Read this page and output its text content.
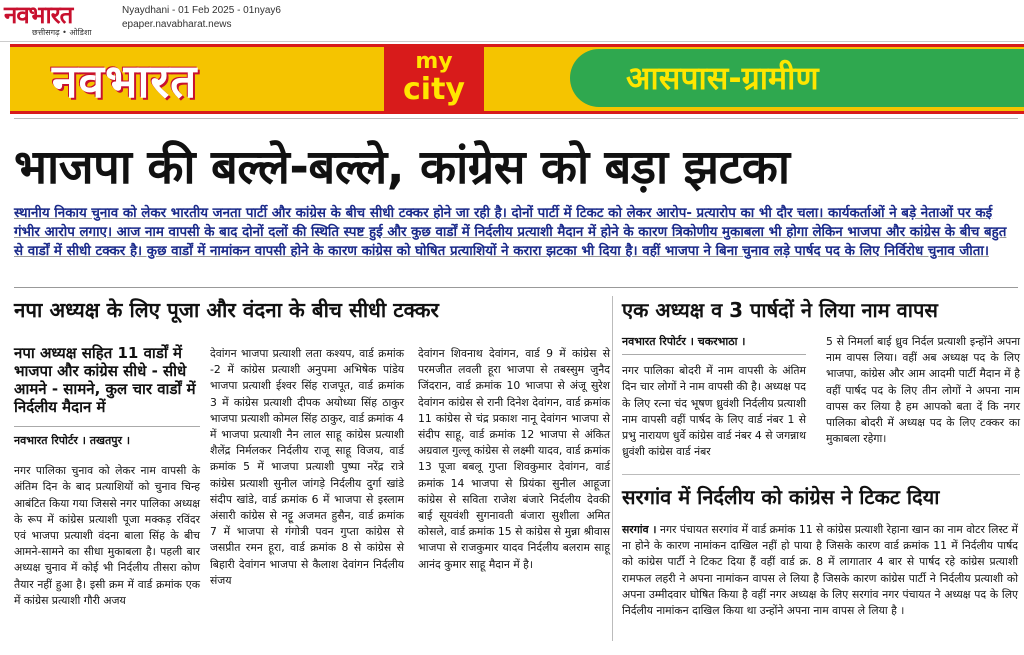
नवभारत
छत्तीसगढ़ • ओडिशा
Nyaydhani - 01 Feb 2025 - 01nyay6
epaper.navabharat.news
नवभारत	my
city	आसपास-ग्रामीण
भाजपा की बल्ले-बल्ले, कांग्रेस को बड़ा झटका
स्थानीय निकाय चुनाव को लेकर भारतीय जनता पार्टी और कांग्रेस के बीच सीधी टक्कर होने जा रही है। दोनों पार्टी में टिकट को लेकर आरोप- प्रत्यारोप का भी दौर चला। कार्यकर्ताओं ने बड़े नेताओं पर कई गंभीर आरोप लगाए। आज नाम वापसी के बाद दोनों दलों की स्थिति स्पष्ट हुई और कुछ वार्डों में निर्दलीय प्रत्याशी मैदान में होने के कारण त्रिकोणीय मुकाबला भी होगा लेकिन भाजपा और कांग्रेस के बीच बहुत से वार्डों में सीधी टक्कर है। कुछ वार्डों में नामांकन वापसी होने के कारण कांग्रेस को घोषित प्रत्याशियों ने करारा झटका भी दिया है। वहीं भाजपा ने बिना चुनाव लड़े पार्षद पद के लिए निर्विरोध चुनाव जीता।
नपा अध्यक्ष के लिए पूजा और वंदना के बीच सीधी टक्कर
नपा अध्यक्ष सहित 11 वार्डों में भाजपा और कांग्रेस सीधे - सीधे आमने - सामने, कुल चार वार्डों में निर्दलीय मैदान में
नवभारत रिपोर्टर । तखतपुर ।
नगर पालिका चुनाव को लेकर नाम वापसी के अंतिम दिन के बाद प्रत्याशियों को चुनाव चिन्ह आबंटित किया गया जिससे नगर पालिका अध्यक्ष के रूप में कांग्रेस प्रत्याशी पूजा मक्कड़ रविंदर एवं भाजपा प्रत्याशी वंदना बाला सिंह के बीच आमने-सामने का सीधा मुकाबला है। पहली बार अध्यक्ष चुनाव में कोई भी निर्दलीय तीसरा कोण तैयार नहीं हुआ है। इसी क्रम में वार्ड क्रमांक एक में कांग्रेस प्रत्याशी गौरी अजय
देवांगन भाजपा प्रत्याशी लता कश्यप, वार्ड क्रमांक -2 में कांग्रेस प्रत्याशी अनुपमा अभिषेक पांडेय भाजपा प्रत्याशी ईश्वर सिंह राजपूत, वार्ड क्रमांक 3 में कांग्रेस प्रत्याशी दीपक अयोध्या सिंह ठाकुर भाजपा प्रत्याशी कोमल सिंह ठाकुर, वार्ड क्रमांक 4 में भाजपा प्रत्याशी नैन लाल साहू कांग्रेस प्रत्याशी शैलेंद्र निर्मलकर निर्दलीय राजू साहू विजय, वार्ड क्रमांक 5 में भाजपा प्रत्याशी पुष्पा नरेंद्र रात्रे कांग्रेस प्रत्याशी सुनील जांगड़े निर्दलीय दुर्गा खांडे संदीप खांडे, वार्ड क्रमांक 6 में भाजपा से इस्लाम अंसारी कांग्रेस से नट्टू अजमत हुसैन, वार्ड क्रमांक 7 में भाजपा से गंगोत्री पवन गुप्ता कांग्रेस से जसप्रीत रमन हूरा, वार्ड क्रमांक 8 से कांग्रेस से बिहारी देवांगन भाजपा से कैलाश देवांगन निर्दलीय संजय
देवांगन शिवनाथ देवांगन, वार्ड 9 में कांग्रेस से परमजीत लवली हूरा भाजपा से तबस्सुम जुनैद जिंदरान, वार्ड क्रमांक 10 भाजपा से अंजू सुरेश देवांगन कांग्रेस से रानी दिनेश देवांगन, वार्ड क्रमांक 11 कांग्रेस से चंद्र प्रकाश नानू देवांगन भाजपा से संदीप साहू, वार्ड क्रमांक 12 भाजपा से अंकित अग्रवाल गुल्लू कांग्रेस से लक्ष्मी यादव, वार्ड क्रमांक 13 पूजा बबलू गुप्ता शिवकुमार देवांगन, वार्ड क्रमांक 14 भाजपा से प्रियंका सुनील आहूजा कांग्रेस से सविता राजेश बंजारे निर्दलीय देवकी बाई सूयवंशी सुगनावती बंजारा सुशीला अमित कोसले, वार्ड क्रमांक 15 से कांग्रेस से मुन्ना श्रीवास भाजपा से राजकुमार यादव निर्दलीय बलराम साहू आनंद कुमार साहू मैदान में है।
एक अध्यक्ष व 3 पार्षदों ने लिया नाम वापस
नवभारत रिपोर्टर । चकरभाठा ।
नगर पालिका बोदरी में नाम वापसी के अंतिम दिन चार लोगों ने नाम वापसी की है। अध्यक्ष पद के लिए रत्ना चंद भूषण ध्रुवंशी निर्दलीय प्रत्याशी नाम वापसी वहीं पार्षद के लिए वार्ड नंबर 1 से प्रभु नारायण धुर्वे कांग्रेस वार्ड नंबर 4 से जगन्नाथ ध्रुवंशी कांग्रेस वार्ड नंबर
5 से निमर्ला बाई ध्रुव निर्दल प्रत्याशी इन्होंने अपना नाम वापस लिया। वहीं अब अध्यक्ष पद के लिए भाजपा, कांग्रेस और आम आदमी पार्टी मैदान में है वहीं पार्षद पद के लिए तीन लोगों ने अपना नाम वापस कर लिया है हम आपको बता दें कि नगर पालिका बोदरी में अध्यक्ष पद के लिए टक्कर का मुकाबला रहेगा।
सरगांव में निर्दलीय को कांग्रेस ने टिकट दिया
सरगांव । नगर पंचायत सरगांव में वार्ड क्रमांक 11 से कांग्रेस प्रत्याशी रेहाना खान का नाम वोटर लिस्ट में ना होने के कारण नामांकन दाखिल नहीं हो पाया है जिसके कारण वार्ड क्रमांक 11 में निर्दलीय पार्षद को कांग्रेस पार्टी ने टिकट दिया हैं वहीं वार्ड क्र. 8 में लागातार 4 बार से पार्षद रहे कांग्रेस प्रत्याशी रामफल लहरी ने अपना नामांकन वापस ले लिया है जिसके कारण कांग्रेस पार्टी ने निर्दलीय प्रत्याशी को अपना उम्मीदवार घोषित किया है वहीं नगर अध्यक्ष के लिए सरगांव नगर पंचायत ने अध्यक्ष पद के लिए निर्दलीय नामांकन दाखिल किया था उन्होंने अपना नाम वापस ले लिया है ।
